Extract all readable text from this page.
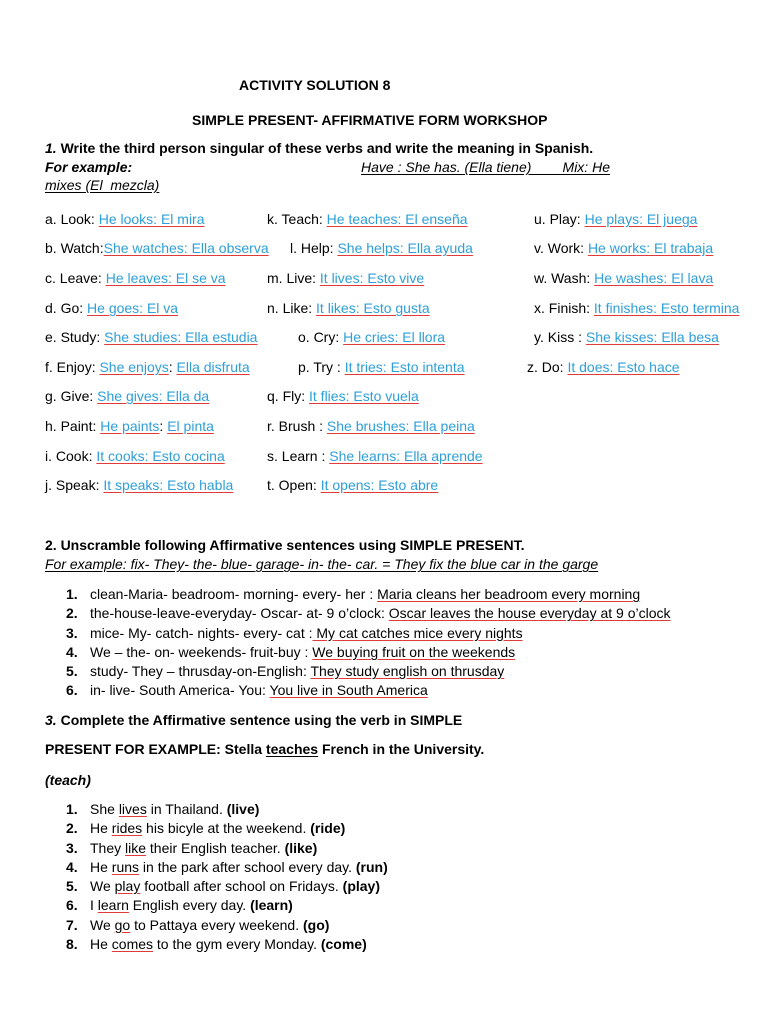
ACTIVITY SOLUTION 8
SIMPLE PRESENT- AFFIRMATIVE FORM WORKSHOP
1. Write the third person singular of these verbs and write the meaning in Spanish.
For example:	Have : She has. (Ella tiene)        Mix: He
mixes (El  mezcla)
a. Look: He looks: El mira
b. Watch:She watches: Ella observa
c. Leave: He leaves: El se va
d. Go: He goes: El va
e. Study: She studies: Ella estudia
f. Enjoy: She enjoys: Ella disfruta
g. Give: She gives: Ella da
h. Paint: He paints: El pinta
i. Cook: It cooks: Esto cocina
j. Speak: It speaks: Esto habla
k. Teach: He teaches: El enseña
l. Help: She helps: Ella ayuda
m. Live: It lives: Esto vive
n. Like: It likes: Esto gusta
o. Cry: He cries: El llora
p. Try : It tries: Esto intenta
q. Fly: It flies: Esto vuela
r. Brush : She brushes: Ella peina
s. Learn : She learns: Ella aprende
t. Open: It opens: Esto abre
u. Play: He plays: El juega
v. Work: He works: El trabaja
w. Wash: He washes: El lava
x. Finish: It finishes: Esto termina
y. Kiss : She kisses: Ella besa
z. Do: It does: Esto hace
2. Unscramble following Affirmative sentences using SIMPLE PRESENT.
For example: fix- They- the- blue- garage- in- the- car. = They fix the blue car in the garge
1. clean-Maria- beadroom- morning- every- her : Maria cleans her beadroom every morning
2. the-house-leave-everyday- Oscar- at- 9 o’clock: Oscar leaves the house everyday at 9 o’clock
3. mice- My- catch- nights- every- cat : My cat catches mice every nights
4. We – the- on- weekends- fruit-buy : We buying fruit on the weekends
5. study- They – thrusday-on-English: They study english on thrusday
6. in- live- South America- You: You live in South America
3. Complete the Affirmative sentence using the verb in SIMPLE
PRESENT FOR EXAMPLE: Stella teaches French in the University.
(teach)
1. She lives in Thailand. (live)
2. He rides his bicyle at the weekend. (ride)
3. They like their English teacher. (like)
4. He runs in the park after school every day. (run)
5. We play football after school on Fridays. (play)
6. I learn English every day. (learn)
7. We go to Pattaya every weekend. (go)
8. He comes to the gym every Monday. (come)
